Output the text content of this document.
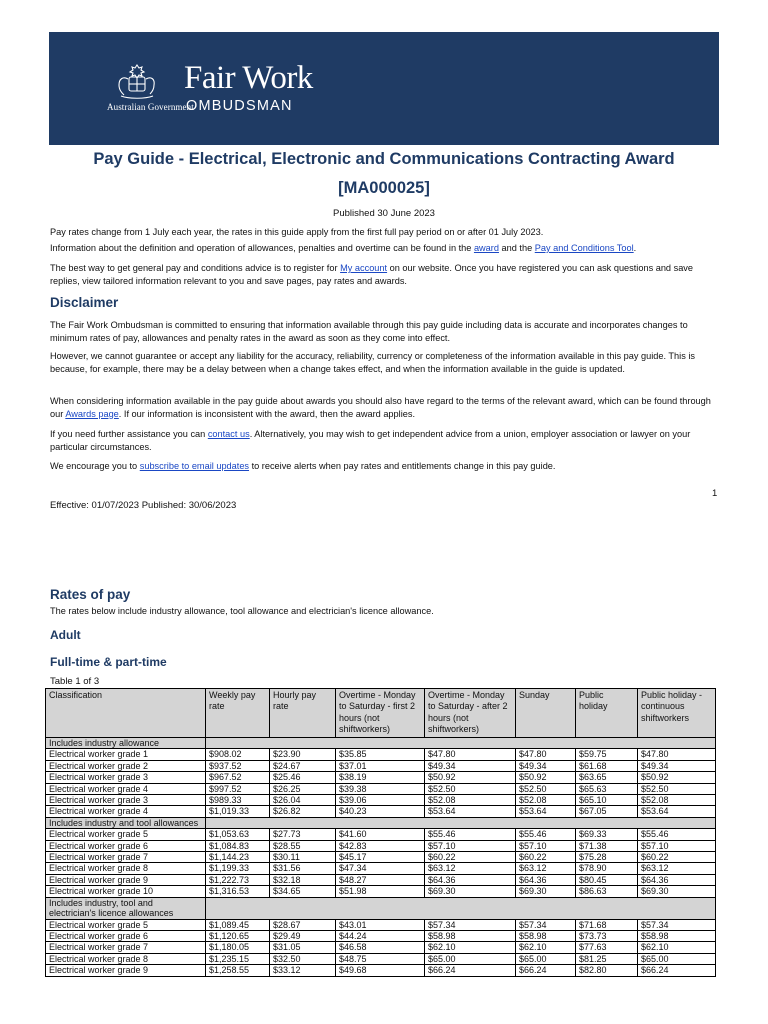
Australian Government
Fair Work
OMBUDSMAN
Pay Guide - Electrical, Electronic and Communications Contracting Award
[MA000025]
Published 30 June 2023
Pay rates change from 1 July each year, the rates in this guide apply from the first full pay period on or after 01 July 2023.
Information about the definition and operation of allowances, penalties and overtime can be found in the award and the Pay and Conditions Tool.
The best way to get general pay and conditions advice is to register for My account on our website. Once you have registered you can ask questions and save replies, view tailored information relevant to you and save pages, pay rates and awards.
Disclaimer
The Fair Work Ombudsman is committed to ensuring that information available through this pay guide including data is accurate and incorporates changes to minimum rates of pay, allowances and penalty rates in the award as soon as they come into effect.
However, we cannot guarantee or accept any liability for the accuracy, reliability, currency or completeness of the information available in this pay guide. This is because, for example, there may be a delay between when a change takes effect, and when the information available in the guide is updated.
When considering information available in the pay guide about awards you should also have regard to the terms of the relevant award, which can be found through our Awards page. If our information is inconsistent with the award, then the award applies.
If you need further assistance you can contact us. Alternatively, you may wish to get independent advice from a union, employer association or lawyer on your particular circumstances.
We encourage you to subscribe to email updates to receive alerts when pay rates and entitlements change in this pay guide.
1
Effective: 01/07/2023 Published: 30/06/2023
Rates of pay
The rates below include industry allowance, tool allowance and electrician's licence allowance.
Adult
Full-time & part-time
Table 1 of 3
Classification	Weekly pay rate	Hourly pay rate	Overtime - Monday to Saturday - first 2 hours (not shiftworkers)	Overtime - Monday to Saturday - after 2 hours (not shiftworkers)	Sunday	Public holiday	Public holiday - continuous shiftworkers
Includes industry allowance							
Electrical worker grade 1	$908.02	$23.90	$35.85	$47.80	$47.80	$59.75	$47.80
Electrical worker grade 2	$937.52	$24.67	$37.01	$49.34	$49.34	$61.68	$49.34
Electrical worker grade 3	$967.52	$25.46	$38.19	$50.92	$50.92	$63.65	$50.92
Electrical worker grade 4	$997.52	$26.25	$39.38	$52.50	$52.50	$65.63	$52.50
Electrical worker grade 3	$989.33	$26.04	$39.06	$52.08	$52.08	$65.10	$52.08
Electrical worker grade 4	$1,019.33	$26.82	$40.23	$53.64	$53.64	$67.05	$53.64
Includes industry and tool allowances							
Electrical worker grade 5	$1,053.63	$27.73	$41.60	$55.46	$55.46	$69.33	$55.46
Electrical worker grade 6	$1,084.83	$28.55	$42.83	$57.10	$57.10	$71.38	$57.10
Electrical worker grade 7	$1,144.23	$30.11	$45.17	$60.22	$60.22	$75.28	$60.22
Electrical worker grade 8	$1,199.33	$31.56	$47.34	$63.12	$63.12	$78.90	$63.12
Electrical worker grade 9	$1,222.73	$32.18	$48.27	$64.36	$64.36	$80.45	$64.36
Electrical worker grade 10	$1,316.53	$34.65	$51.98	$69.30	$69.30	$86.63	$69.30
Includes industry, tool and electrician's licence allowances							
Electrical worker grade 5	$1,089.45	$28.67	$43.01	$57.34	$57.34	$71.68	$57.34
Electrical worker grade 6	$1,120.65	$29.49	$44.24	$58.98	$58.98	$73.73	$58.98
Electrical worker grade 7	$1,180.05	$31.05	$46.58	$62.10	$62.10	$77.63	$62.10
Electrical worker grade 8	$1,235.15	$32.50	$48.75	$65.00	$65.00	$81.25	$65.00
Electrical worker grade 9	$1,258.55	$33.12	$49.68	$66.24	$66.24	$82.80	$66.24
